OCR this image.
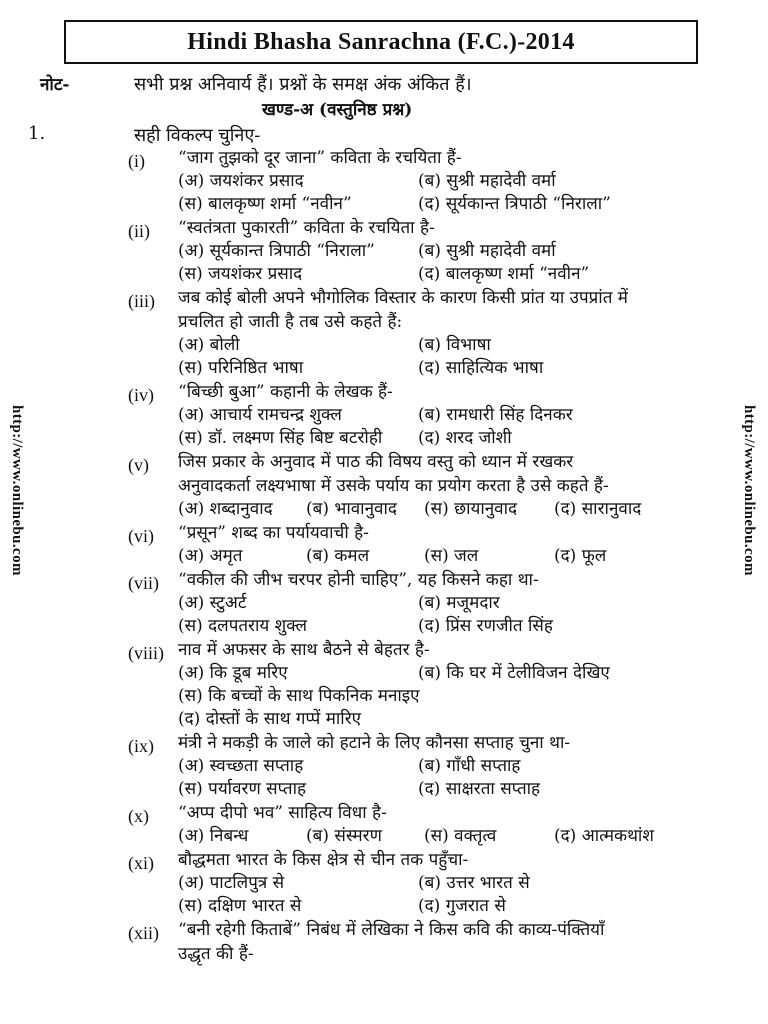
Hindi Bhasha Sanrachna (F.C.)-2014
नोट-	सभी प्रश्न अनिवार्य हैं। प्रश्नों के समक्ष अंक अंकित हैं।
खण्ड-अ (वस्तुनिष्ठ प्रश्न)
1.	सही विकल्प चुनिए-
(i)	“जाग तुझको दूर जाना” कविता के रचयिता हैं-
(अ) जयशंकर प्रसाद	(ब) सुश्री महादेवी वर्मा
(स) बालकृष्ण शर्मा “नवीन”	(द) सूर्यकान्त त्रिपाठी “निराला”
(ii)	“स्वतंत्रता पुकारती” कविता के रचयिता है-
(अ) सूर्यकान्त त्रिपाठी “निराला”	(ब) सुश्री महादेवी वर्मा
(स) जयशंकर प्रसाद	(द) बालकृष्ण शर्मा “नवीन”
(iii)	जब कोई बोली अपने भौगोलिक विस्तार के कारण किसी प्रांत या उपप्रांत में
प्रचलित हो जाती है तब उसे कहते हैं:
(अ) बोली	(ब) विभाषा
(स) परिनिष्ठित भाषा	(द) साहित्यिक भाषा
(iv)	“बिच्छी बुआ” कहानी के लेखक हैं-
(अ) आचार्य रामचन्द्र शुक्ल	(ब) रामधारी सिंह दिनकर
(स) डॉ. लक्ष्मण सिंह बिष्ट बटरोही	(द) शरद जोशी
(v)	जिस प्रकार के अनुवाद में पाठ की विषय वस्तु को ध्यान में रखकर
अनुवादकर्ता लक्ष्यभाषा में उसके पर्याय का प्रयोग करता है उसे कहते हैं-
(अ) शब्दानुवाद	(ब) भावानुवाद	(स) छायानुवाद	(द) सारानुवाद
(vi)	“प्रसून” शब्द का पर्यायवाची है-
(अ) अमृत	(ब) कमल	(स) जल	(द) फूल
(vii)	“वकील की जीभ चरपर होनी चाहिए”, यह किसने कहा था-
(अ) स्टुअर्ट	(ब) मजूमदार
(स) दलपतराय शुक्ल	(द) प्रिंस रणजीत सिंह
(viii) नाव में अफसर के साथ बैठने से बेहतर है-
(अ) कि डूब मरिए	(ब) कि घर में टेलीविजन देखिए
(स) कि बच्चों के साथ पिकनिक मनाइए
(द) दोस्तों के साथ गप्पें मारिए
(ix)	मंत्री ने मकड़ी के जाले को हटाने के लिए कौनसा सप्ताह चुना था-
(अ) स्वच्छता सप्ताह	(ब) गाँधी सप्ताह
(स) पर्यावरण सप्ताह	(द) साक्षरता सप्ताह
(x)	“अप्प दीपो भव” साहित्य विधा है-
(अ) निबन्ध	(ब) संस्मरण	(स) वक्तृत्व	(द) आत्मकथांश
(xi)	बौद्धमता भारत के किस क्षेत्र से चीन तक पहुँचा-
(अ) पाटलिपुत्र से	(ब) उत्तर भारत से
(स) दक्षिण भारत से	(द) गुजरात से
(xii)	“बनी रहेगी किताबें” निबंध में लेखिका ने किस कवि की काव्य-पंक्तियाँ
उद्धृत की हैं-
http://www.onlinebu.com	http://www.onlinebu.com
